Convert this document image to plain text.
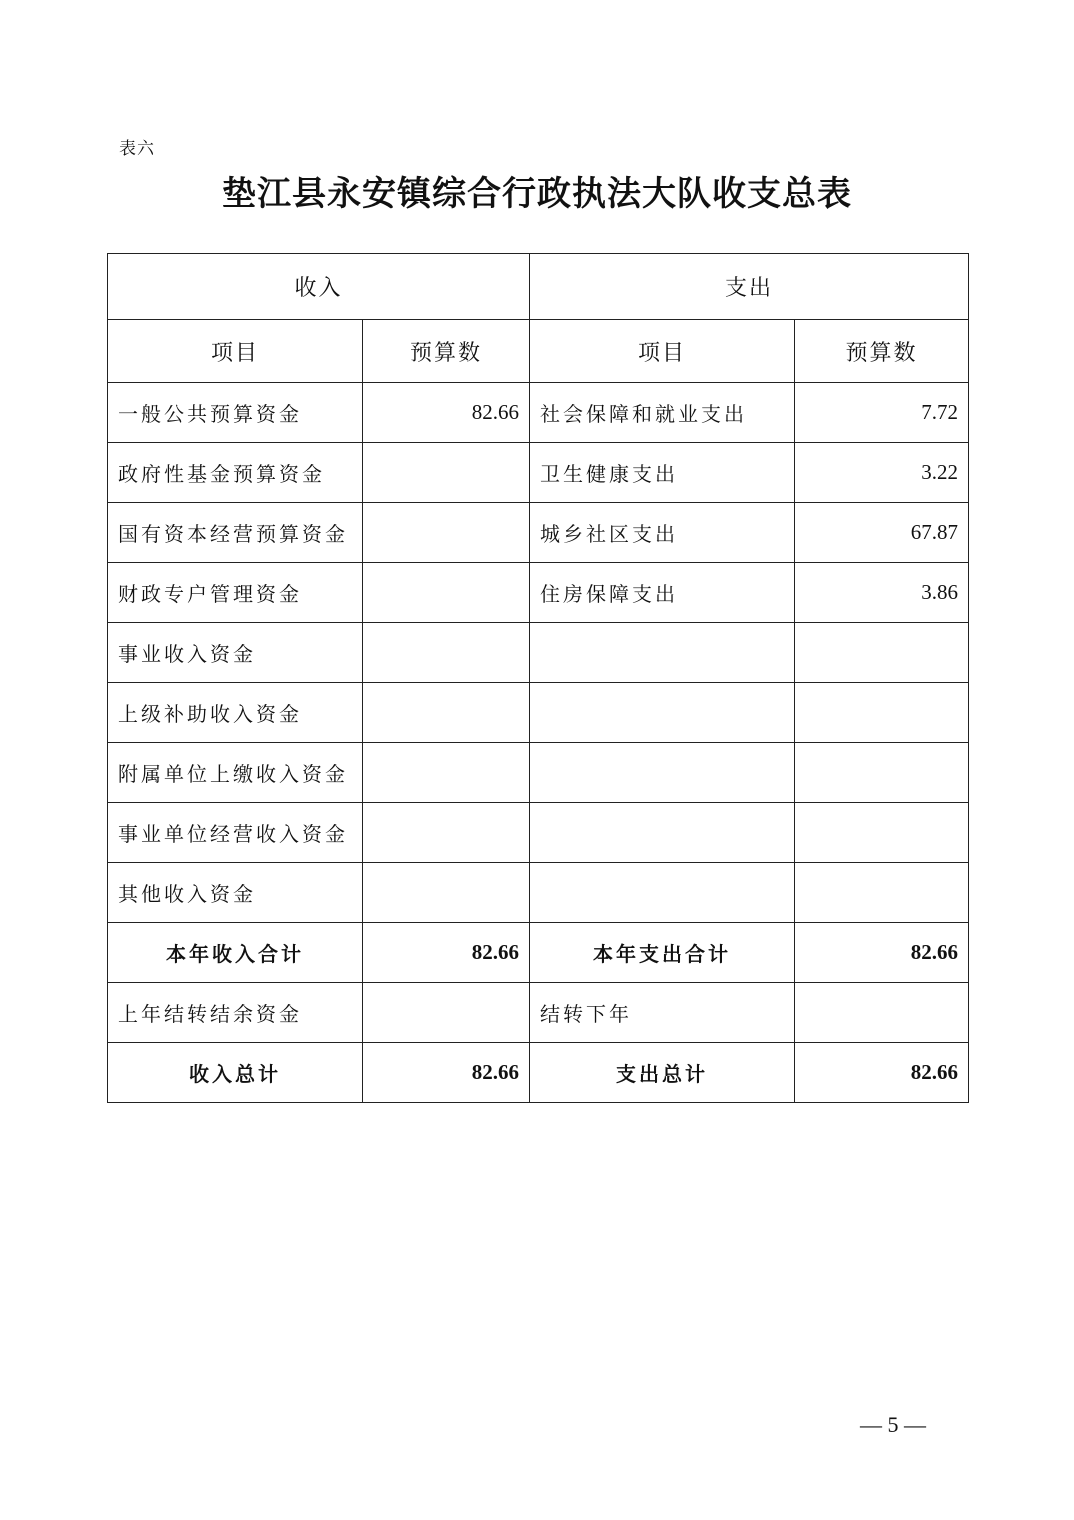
表六
垫江县永安镇综合行政执法大队收支总表
收入		支出	
项目	预算数	项目	预算数
一般公共预算资金	82.66	社会保障和就业支出	7.72
政府性基金预算资金		卫生健康支出	3.22
国有资本经营预算资金		城乡社区支出	67.87
财政专户管理资金		住房保障支出	3.86
事业收入资金			
上级补助收入资金			
附属单位上缴收入资金			
事业单位经营收入资金			
其他收入资金			
本年收入合计	82.66	本年支出合计	82.66
上年结转结余资金		结转下年	
收入总计	82.66	支出总计	82.66
— 5 —
